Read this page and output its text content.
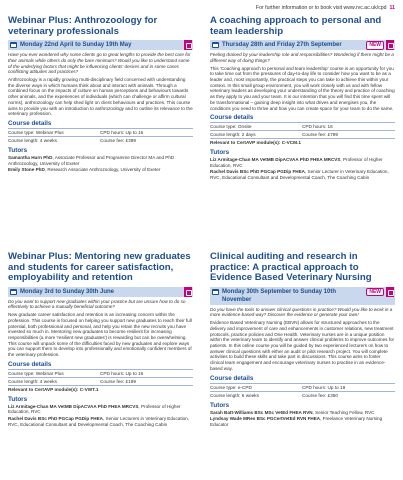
For further information or to book visit www.rvc.ac.uk/cpd 11
Webinar Plus: Anthrozoology for veterinary professionals
Monday 22nd April to Sunday 19th May

Have you ever wondered why some clients go to great lengths to provide the best care for their animals while others do only the bare minimum? Would you like to understand some of the underlying factors that might be influencing clients' desires and in some cases conflicting attitudes and practices?

Anthrozoology is a rapidly growing multi-disciplinary field concerned with understanding the diverse ways in which humans think about and interact with animals. Through a combined focus on the impacts of culture on human perceptions and behaviours towards other animals, and the experiences of individuals (which can challenge or affirm cultural norms), anthrozoology can help shed light on client behaviours and practices. This course aims to provide you with an introduction to anthrozoology and to outline its relevance to the veterinary profession.

Course details
Course type: Webinar Plus	CPD hours: Up to 16
Course length: 4 weeks	Course fee: £399
Tutors
Samantha Hurn PhD, Associate Professor and Programme Director MA and PhD Anthrozoology, University of Exeter
Emily Stone PhD, Research Associate Anthrozoology, University of Exeter
A coaching approach to personal and team leadership
Thursday 28th and Friday 27th September	NEW

Feeling drained by your leadership role and responsibilities? Wondering if there might be a different way of doing things?

This 'Coaching approach to personal and team leadership' course is an opportunity for you to take time out from the pressures of day-to-day life to consider how you want to be as a leader and, most importantly, the practical steps you can take to achieve this within your context. In this small group environment, you will work closely with us and with fellow veterinary leaders as developing your understanding of the theory and practice of coaching as they apply to you and your team. It is our intention that you will find this time spent will be transformational – gaining deep insight into what drives and energises you, the conditions you need to thrive and how you can create space for your team to do the same.

Course details
Course type: Onsite	CPD hours: 16
Course length: 2 days	Course fee: £799
Relevant to CertAVP module(s): C-VCM.1
Tutors
Liz Armitage-Chan MA VetMB DipACVAA PhD FHEA MRCVS, Professor of Higher Education, RVC
Rachel Davis BSc PhD PGCap PGDip FHEA, Senior Lecturer in Veterinary Education, RVC, Educational Consultant and Developmental Coach, The Coaching Cabin
Webinar Plus: Mentoring new graduates and students for career satisfaction, employability and retention
Monday 3rd to Sunday 30th June

Do you want to support new graduates within your practice but are unsure how to do so effectively to achieve a mutually beneficial outcome?

New graduate career satisfaction and retention is an increasing concern within the profession. This course is focused on helping you support new graduates to reach their full potential, both professional and personal, and help you retain the new recruits you have invested so much in. Mentoring new graduates to become resilient for increasing responsibilities (a more 'resilient new graduates') is rewarding but can be overwhelming. This course will unpack some of the difficulties faced by new graduates and explore ways you can support them to develop into professionally and emotionally confident members of the veterinary profession.

Course details
Course type: Webinar Plus	CPD hours: Up to 16
Course length: 4 weeks	Course fee: £199
Relevant to CertAVP module(s): C-VWT.1
Tutors
Liz Armitage-Chan MA VetMB DipACVAA PhD FHEA MRCVS, Professor of Higher Education, RVC
Rachel Davis BSc PhD PGCap PGDip FHEA, Senior Lecturers in Veterinary Education, RVC, Educational Consultant and Developmental Coach, The Coaching Cabin
Clinical auditing and research in practice: A practical approach to Evidence Based Veterinary Nursing
Monday 30th September to Sunday 10th November
NEW

Do you have the tools to answer clinical questions in practice? Would you like to work in a more evidence-based way? Discover the evidence or generate your own!

Evidence Based Veterinary Nursing (EBVN) allows for structured approaches to the delivery and improvement of care and enhancements in customer relations, new treatment protocols, practice policies and One Health. Veterinary nurses are in a unique position within the veterinary team to identify and answer clinical problems to improve outcomes for patients. In this online course you will be guided by two experienced lecturers on how to answer clinical questions with either an audit or pilot research project. You will complete activities to build these skills and take part in discussions. This course aims to foster clinical team engagement and encourage veterinary nurses to practise in an evidence-based way.

Course details
Course type: e-CPD	CPD hours: Up to 19
Course length: 6 weeks	Course fee: £350
Tutors
Sarah Batt-Williams BSc MSc VetEd FHEA RVN, Senior Teaching Fellow, RVC
Lyndsay Wade MRes BSc PGCertVetEd RVN FHEA, Freelance Veterinary Nursing Educator
